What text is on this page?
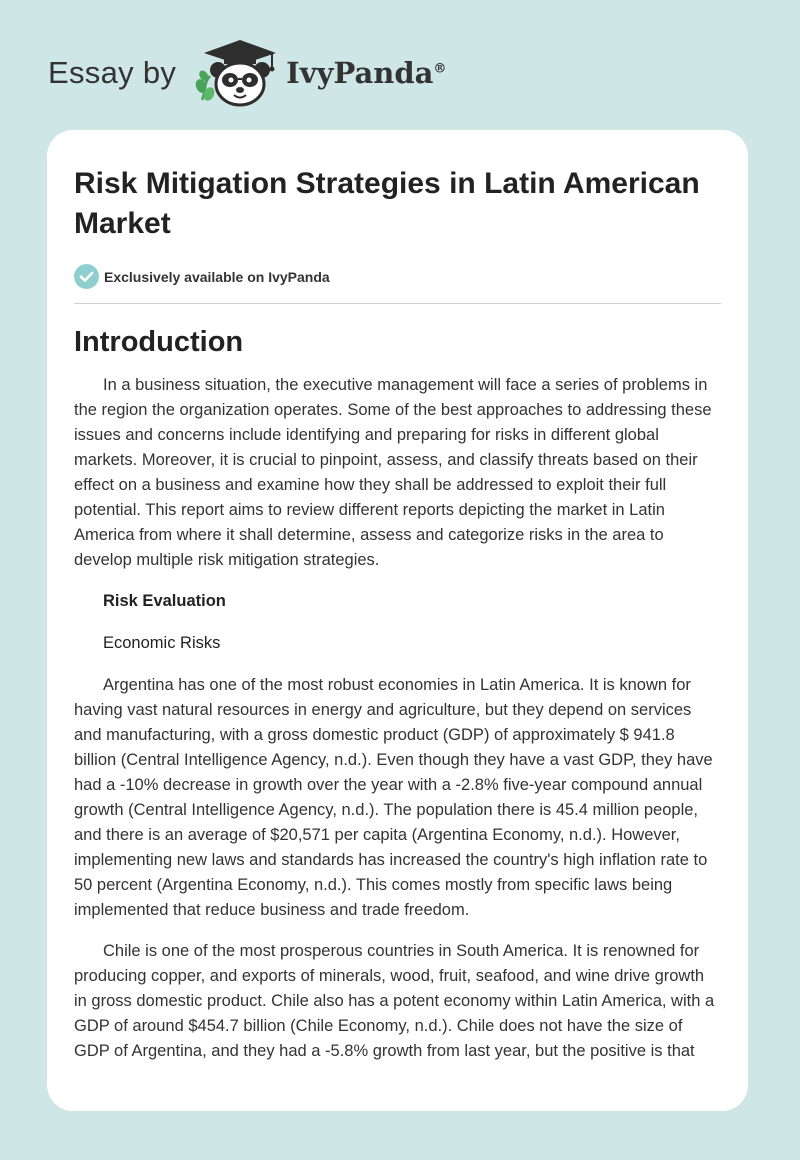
Essay by	IvyPanda®
Risk Mitigation Strategies in Latin American Market
Exclusively available on IvyPanda
Introduction

In a business situation, the executive management will face a series of problems in the region the organization operates. Some of the best approaches to addressing these issues and concerns include identifying and preparing for risks in different global markets. Moreover, it is crucial to pinpoint, assess, and classify threats based on their effect on a business and examine how they shall be addressed to exploit their full potential. This report aims to review different reports depicting the market in Latin America from where it shall determine, assess and categorize risks in the area to develop multiple risk mitigation strategies.

Risk Evaluation

Economic Risks

Argentina has one of the most robust economies in Latin America. It is known for having vast natural resources in energy and agriculture, but they depend on services and manufacturing, with a gross domestic product (GDP) of approximately $ 941.8 billion (Central Intelligence Agency, n.d.). Even though they have a vast GDP, they have had a -10% decrease in growth over the year with a -2.8% five-year compound annual growth (Central Intelligence Agency, n.d.). The population there is 45.4 million people, and there is an average of $20,571 per capita (Argentina Economy, n.d.). However, implementing new laws and standards has increased the country's high inflation rate to 50 percent (Argentina Economy, n.d.). This comes mostly from specific laws being implemented that reduce business and trade freedom.

Chile is one of the most prosperous countries in South America. It is renowned for producing copper, and exports of minerals, wood, fruit, seafood, and wine drive growth in gross domestic product. Chile also has a potent economy within Latin America, with a GDP of around $454.7 billion (Chile Economy, n.d.). Chile does not have the size of GDP of Argentina, and they had a -5.8% growth from last year, but the positive is that
